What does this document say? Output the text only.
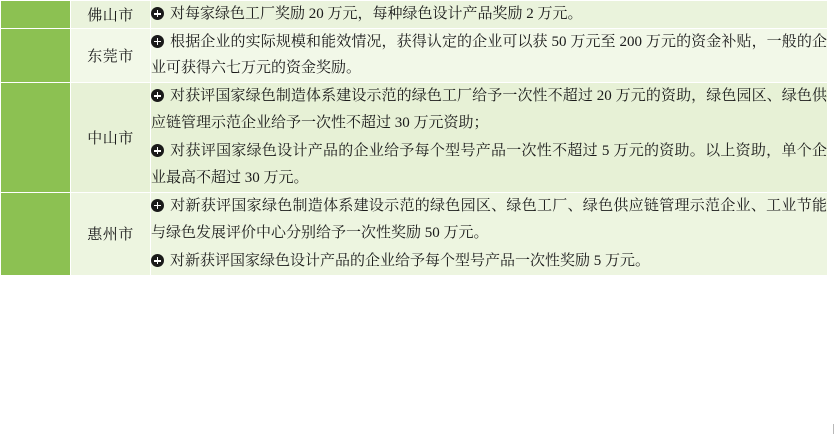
	佛山市	对每家绿色工厂奖励 20 万元，每种绿色设计产品奖励 2 万元。

	东莞市	根据企业的实际规模和能效情况，获得认定的企业可以获 50 万元至 200 万元的资金补贴，一般的企业可获得六七万元的资金奖励。

	中山市	对获评国家绿色制造体系建设示范的绿色工厂给予一次性不超过 20 万元的资助，绿色园区、绿色供应链管理示范企业给予一次性不超过 30 万元资助；

对获评国家绿色设计产品的企业给予每个型号产品一次性不超过 5 万元的资助。以上资助，单个企业最高不超过 30 万元。

	惠州市	对新获评国家绿色制造体系建设示范的绿色园区、绿色工厂、绿色供应链管理示范企业、工业节能与绿色发展评价中心分别给予一次性奖励 50 万元。

对新获评国家绿色设计产品的企业给予每个型号产品一次性奖励 5 万元。
